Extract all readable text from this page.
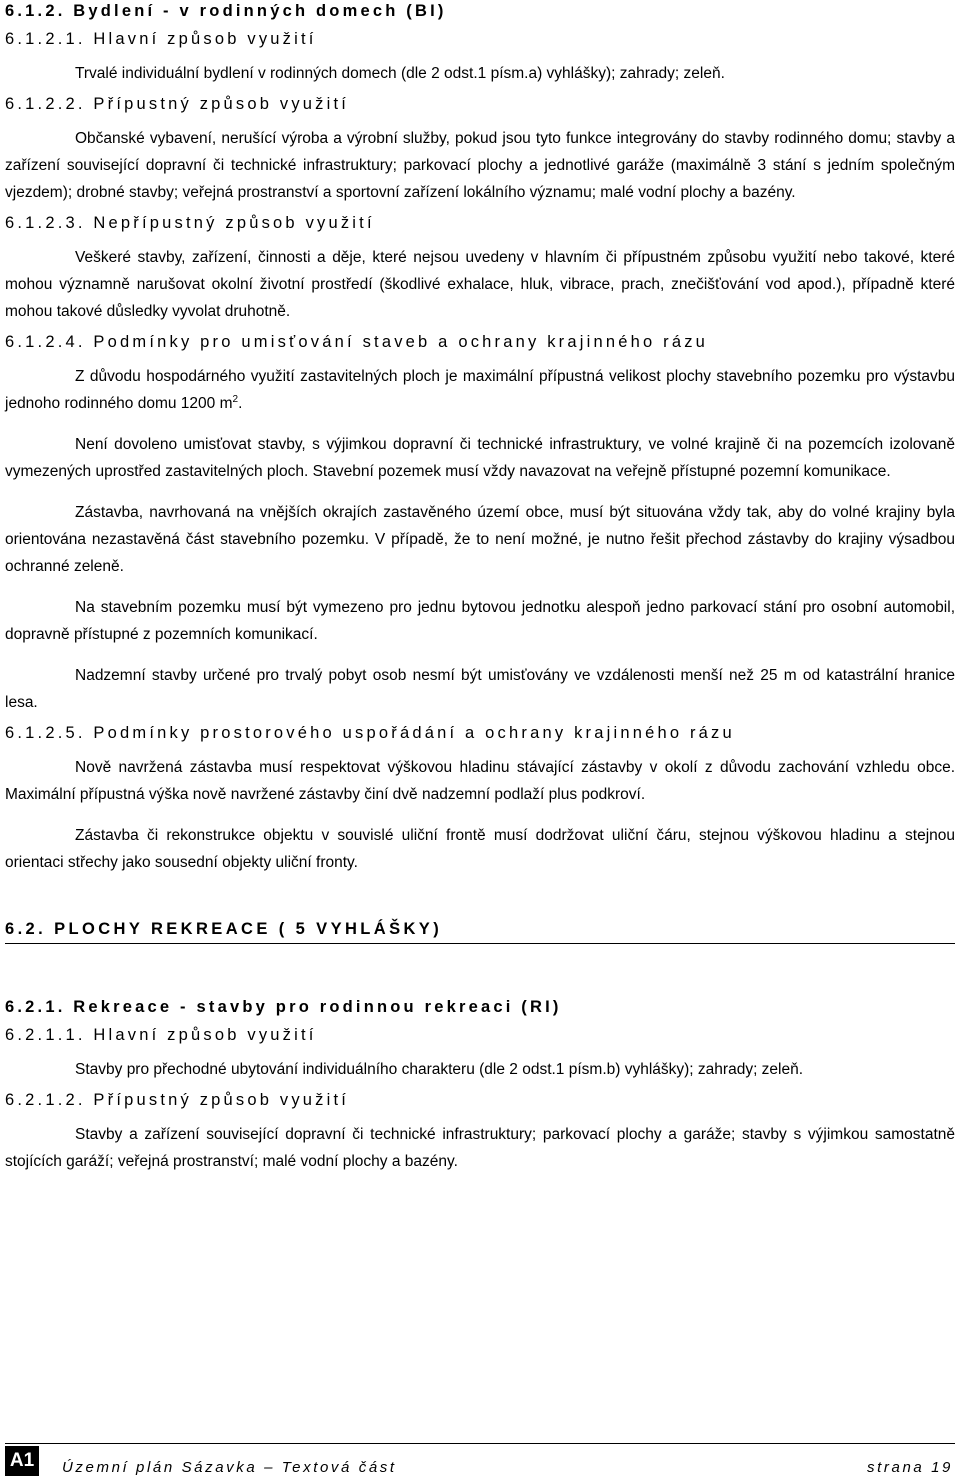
6.1.2. Bydlení - v rodinných domech (BI)
6.1.2.1. Hlavní způsob využití

Trvalé individuální bydlení v rodinných domech (dle 2 odst.1 písm.a) vyhlášky); zahrady; zeleň.

6.1.2.2. Přípustný způsob využití

Občanské vybavení, nerušící výroba a výrobní služby, pokud jsou tyto funkce integrovány do stavby rodinného domu; stavby a zařízení související dopravní či technické infrastruktury; parkovací plochy a jednotlivé garáže (maximálně 3 stání s jedním společným vjezdem); drobné stavby; veřejná prostranství a sportovní zařízení lokálního významu; malé vodní plochy a bazény.

6.1.2.3. Nepřípustný způsob využití

Veškeré stavby, zařízení, činnosti a děje, které nejsou uvedeny v hlavním či přípustném způsobu využití nebo takové, které mohou významně narušovat okolní životní prostředí (škodlivé exhalace, hluk, vibrace, prach, znečišťování vod apod.), případně které mohou takové důsledky vyvolat druhotně.

6.1.2.4. Podmínky pro umisťování staveb a ochrany krajinného rázu

Z důvodu hospodárného využití zastavitelných ploch je maximální přípustná velikost plochy stavebního pozemku pro výstavbu jednoho rodinného domu 1200 $m^2$.

Není dovoleno umisťovat stavby, s výjimkou dopravní či technické infrastruktury, ve volné krajině či na pozemcích izolovaně vymezených uprostřed zastavitelných ploch. Stavební pozemek musí vždy navazovat na veřejně přístupné pozemní komunikace.

Zástavba, navrhovaná na vnějších okrajích zastavěného území obce, musí být situována vždy tak, aby do volné krajiny byla orientována nezastavěná část stavebního pozemku. V případě, že to není možné, je nutno řešit přechod zástavby do krajiny výsadbou ochranné zeleně.

Na stavebním pozemku musí být vymezeno pro jednu bytovou jednotku alespoň jedno parkovací stání pro osobní automobil, dopravně přístupné z pozemních komunikací.

Nadzemní stavby určené pro trvalý pobyt osob nesmí být umisťovány ve vzdálenosti menší než 25 m od katastrální hranice lesa.

6.1.2.5. Podmínky prostorového uspořádání a ochrany krajinného rázu

Nově navržená zástavba musí respektovat výškovou hladinu stávající zástavby v okolí z důvodu zachování vzhledu obce. Maximální přípustná výška nově navržené zástavby činí dvě nadzemní podlaží plus podkroví.

Zástavba či rekonstrukce objektu v souvislé uliční frontě musí dodržovat uliční čáru, stejnou výškovou hladinu a stejnou orientaci střechy jako sousední objekty uliční fronty.

6.2. PLOCHY REKREACE ( 5 VYHLÁŠKY)
6.2.1. Rekreace - stavby pro rodinnou rekreaci (RI)
6.2.1.1. Hlavní způsob využití

Stavby pro přechodné ubytování individuálního charakteru (dle 2 odst.1 písm.b) vyhlášky); zahrady; zeleň.

6.2.1.2. Přípustný způsob využití

Stavby a zařízení související dopravní či technické infrastruktury; parkovací plochy a garáže; stavby s výjimkou samostatně stojících garáží; veřejná prostranství; malé vodní plochy a bazény.

A1	Územní plán Sázavka – Textová část	strana 19
